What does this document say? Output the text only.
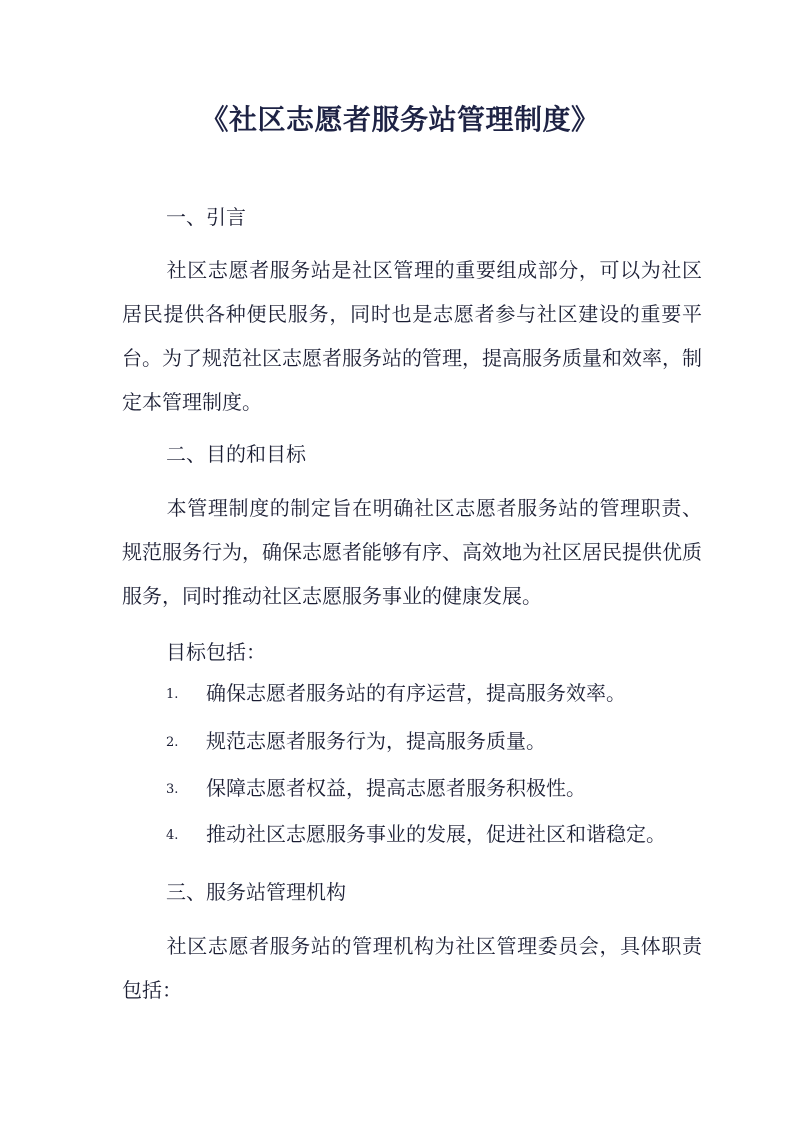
《社区志愿者服务站管理制度》
一、引言
社区志愿者服务站是社区管理的重要组成部分，可以为社区居民提供各种便民服务，同时也是志愿者参与社区建设的重要平台。为了规范社区志愿者服务站的管理，提高服务质量和效率，制定本管理制度。
二、目的和目标
本管理制度的制定旨在明确社区志愿者服务站的管理职责、规范服务行为，确保志愿者能够有序、高效地为社区居民提供优质服务，同时推动社区志愿服务事业的健康发展。
目标包括：
1. 确保志愿者服务站的有序运营，提高服务效率。
2. 规范志愿者服务行为，提高服务质量。
3. 保障志愿者权益，提高志愿者服务积极性。
4. 推动社区志愿服务事业的发展，促进社区和谐稳定。
三、服务站管理机构
社区志愿者服务站的管理机构为社区管理委员会，具体职责包括：
